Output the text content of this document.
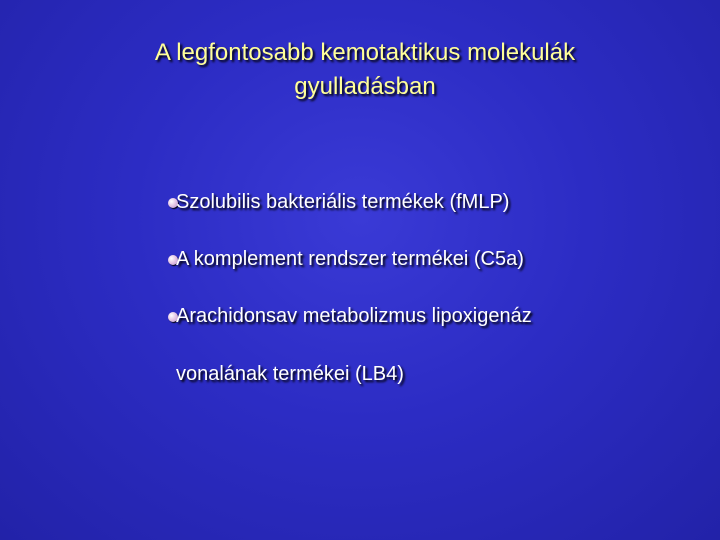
A legfontosabb kemotaktikus molekulák
gyulladásban
Szolubilis bakteriális termékek (fMLP)
A komplement rendszer termékei (C5a)
Arachidonsav metabolizmus lipoxigenáz
vonalának termékei (LB4)
